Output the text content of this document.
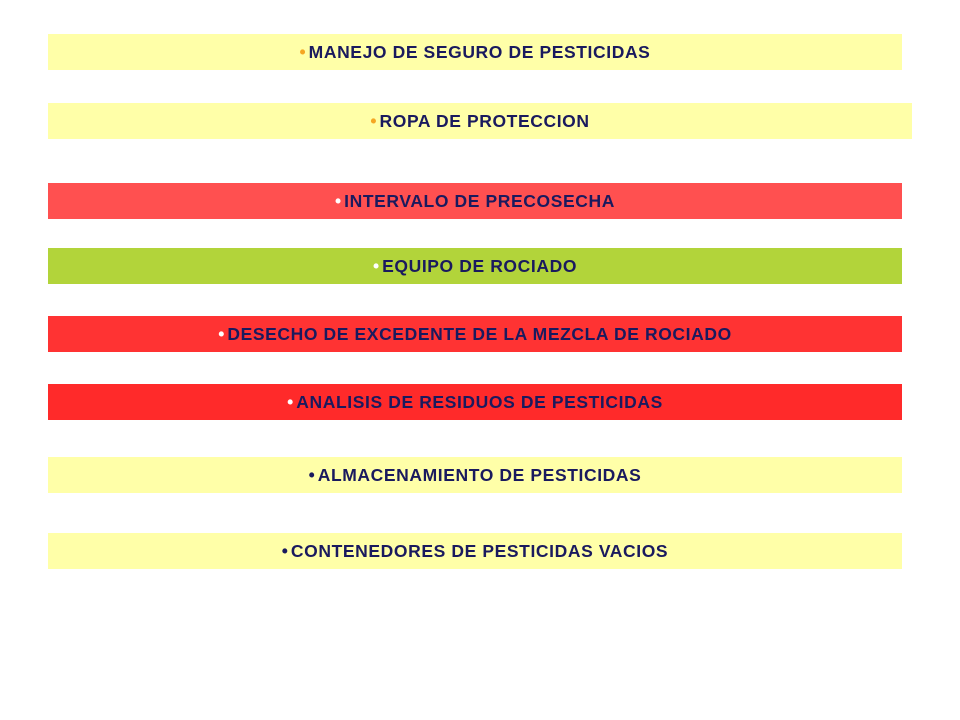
• MANEJO DE SEGURO DE PESTICIDAS
• ROPA DE PROTECCION
• INTERVALO DE PRECOSECHA
• EQUIPO DE ROCIADO
• DESECHO DE EXCEDENTE DE LA MEZCLA DE ROCIADO
• ANALISIS DE RESIDUOS DE PESTICIDAS
• ALMACENAMIENTO DE PESTICIDAS
• CONTENEDORES DE PESTICIDAS VACIOS
